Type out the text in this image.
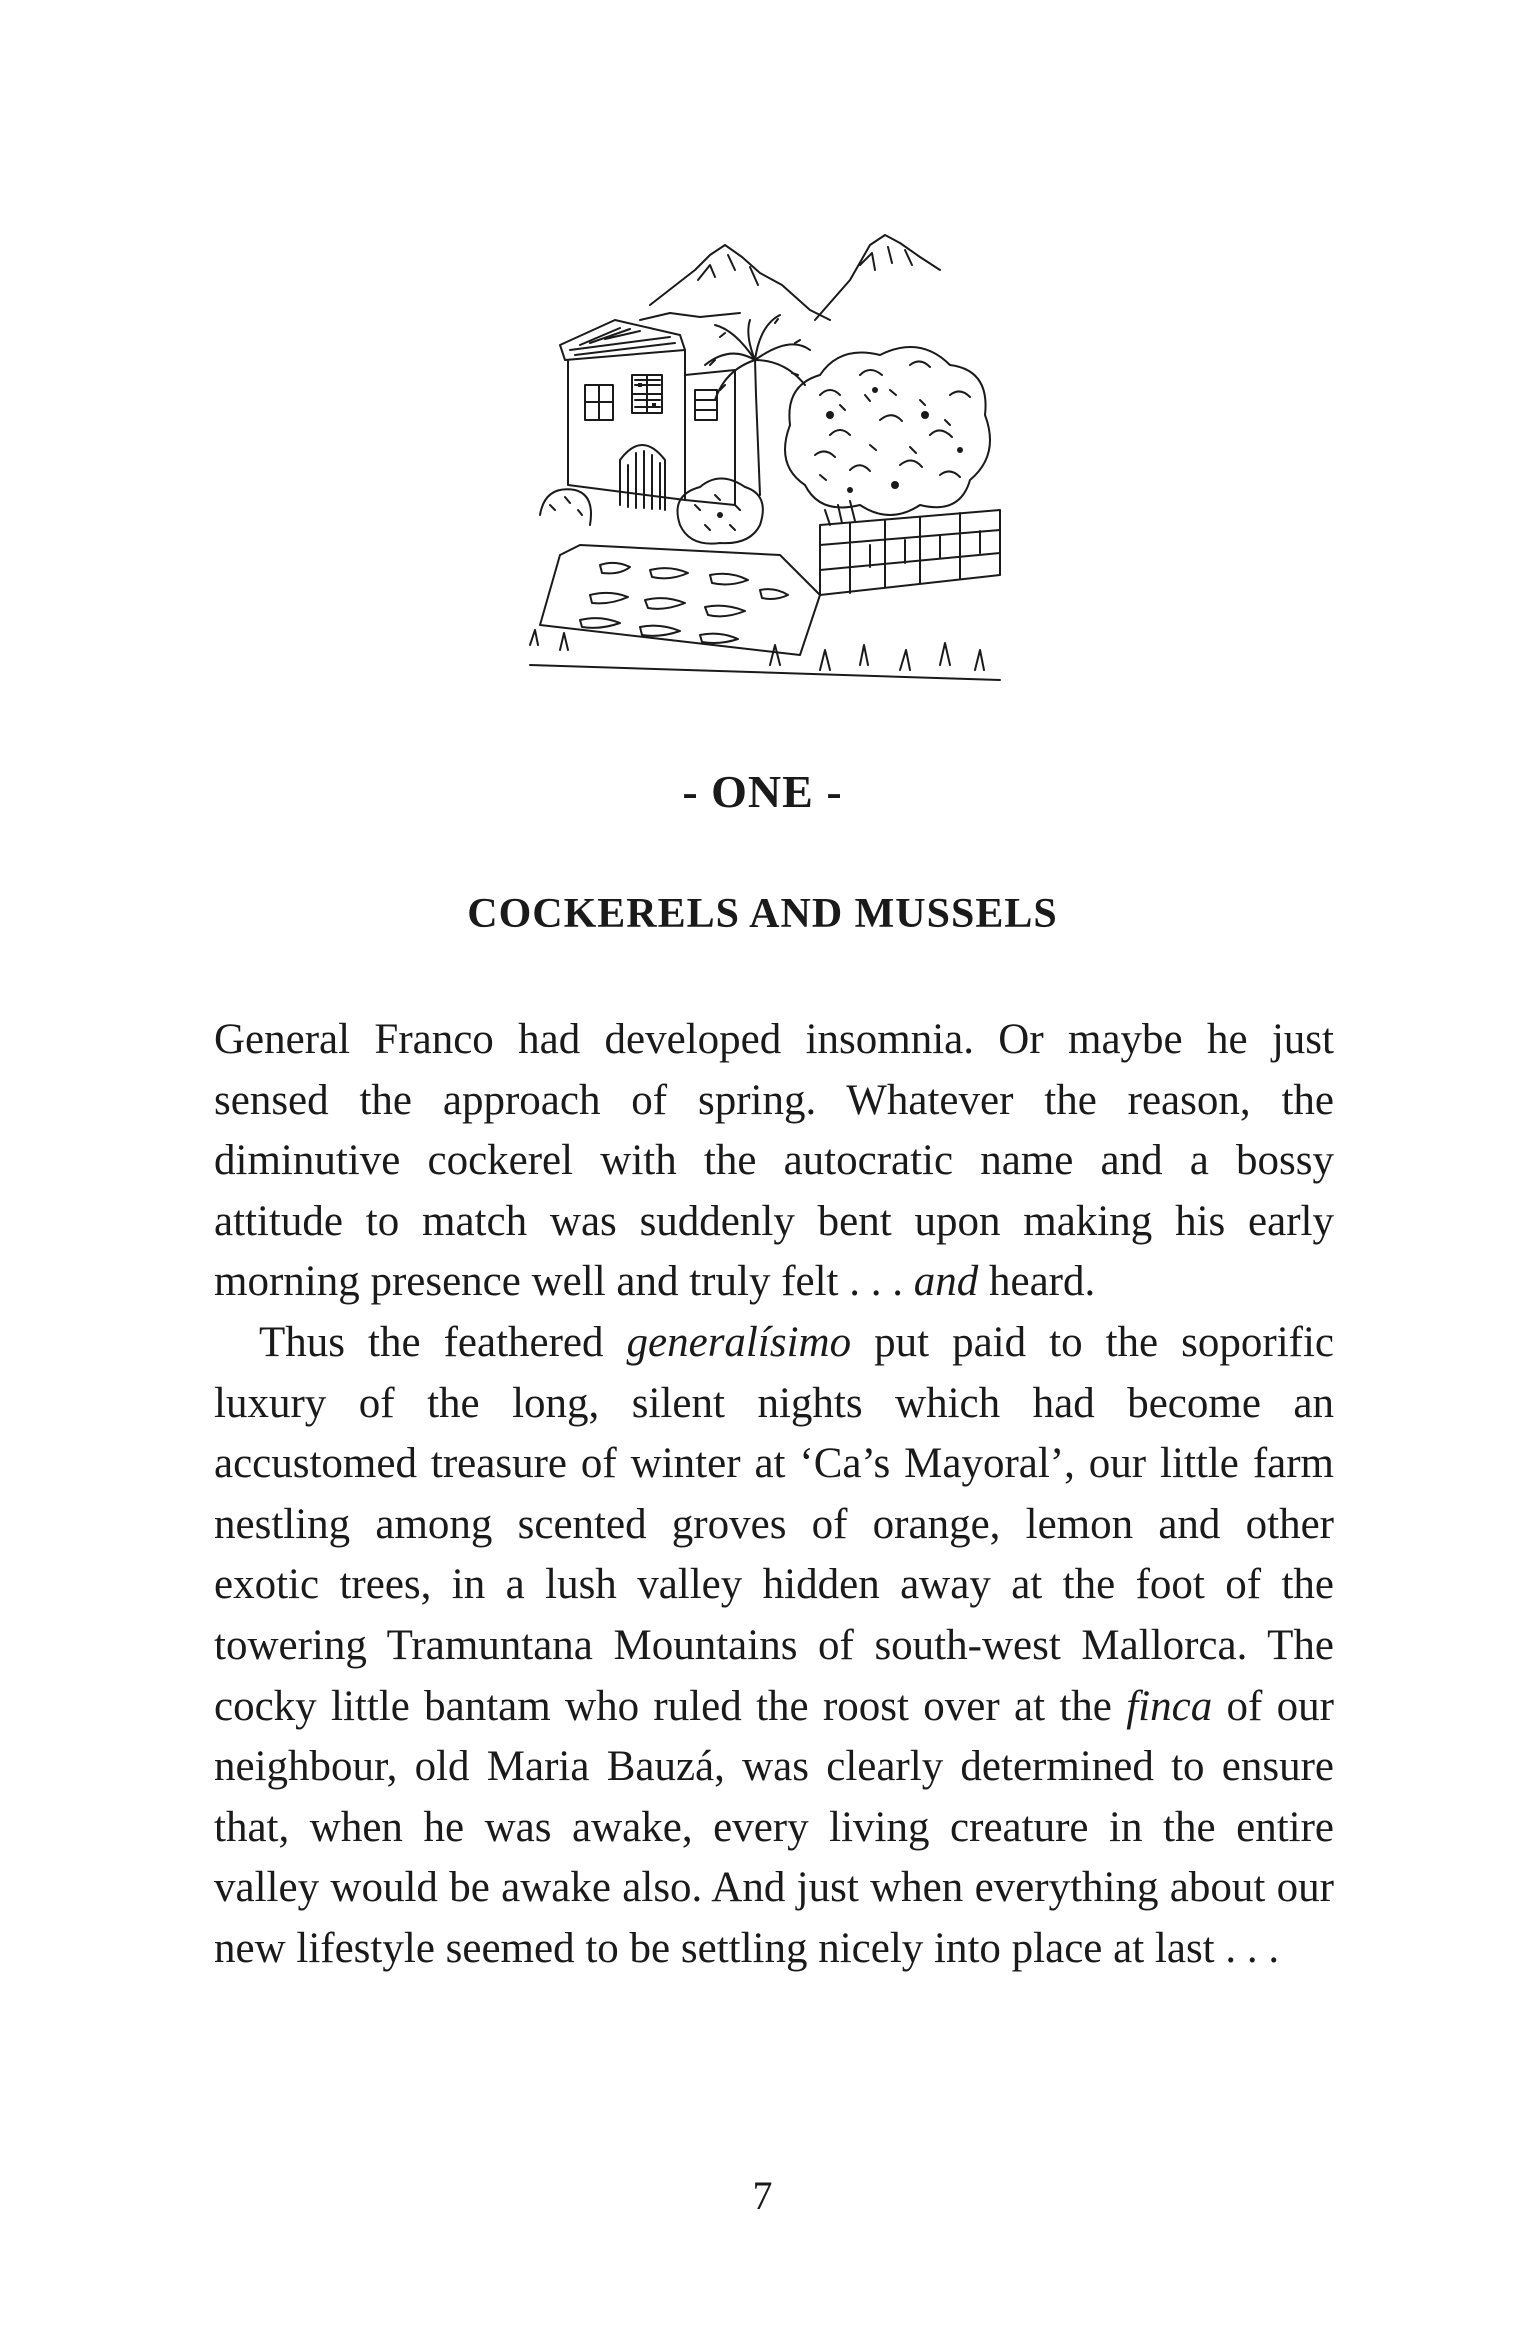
- ONE -
COCKERELS AND MUSSELS

General Franco had developed insomnia. Or maybe he just sensed the approach of spring. Whatever the reason, the diminutive cockerel with the autocratic name and a bossy attitude to match was suddenly bent upon making his early morning presence well and truly felt . . . and heard.

Thus the feathered generalísimo put paid to the soporific luxury of the long, silent nights which had become an accustomed treasure of winter at ‘Ca’s Mayoral’, our little farm nestling among scented groves of orange, lemon and other exotic trees, in a lush valley hidden away at the foot of the towering Tramuntana Mountains of south-west Mallorca. The cocky little bantam who ruled the roost over at the finca of our neighbour, old Maria Bauzá, was clearly determined to ensure that, when he was awake, every living creature in the entire valley would be awake also. And just when everything about our new lifestyle seemed to be settling nicely into place at last . . .

7
